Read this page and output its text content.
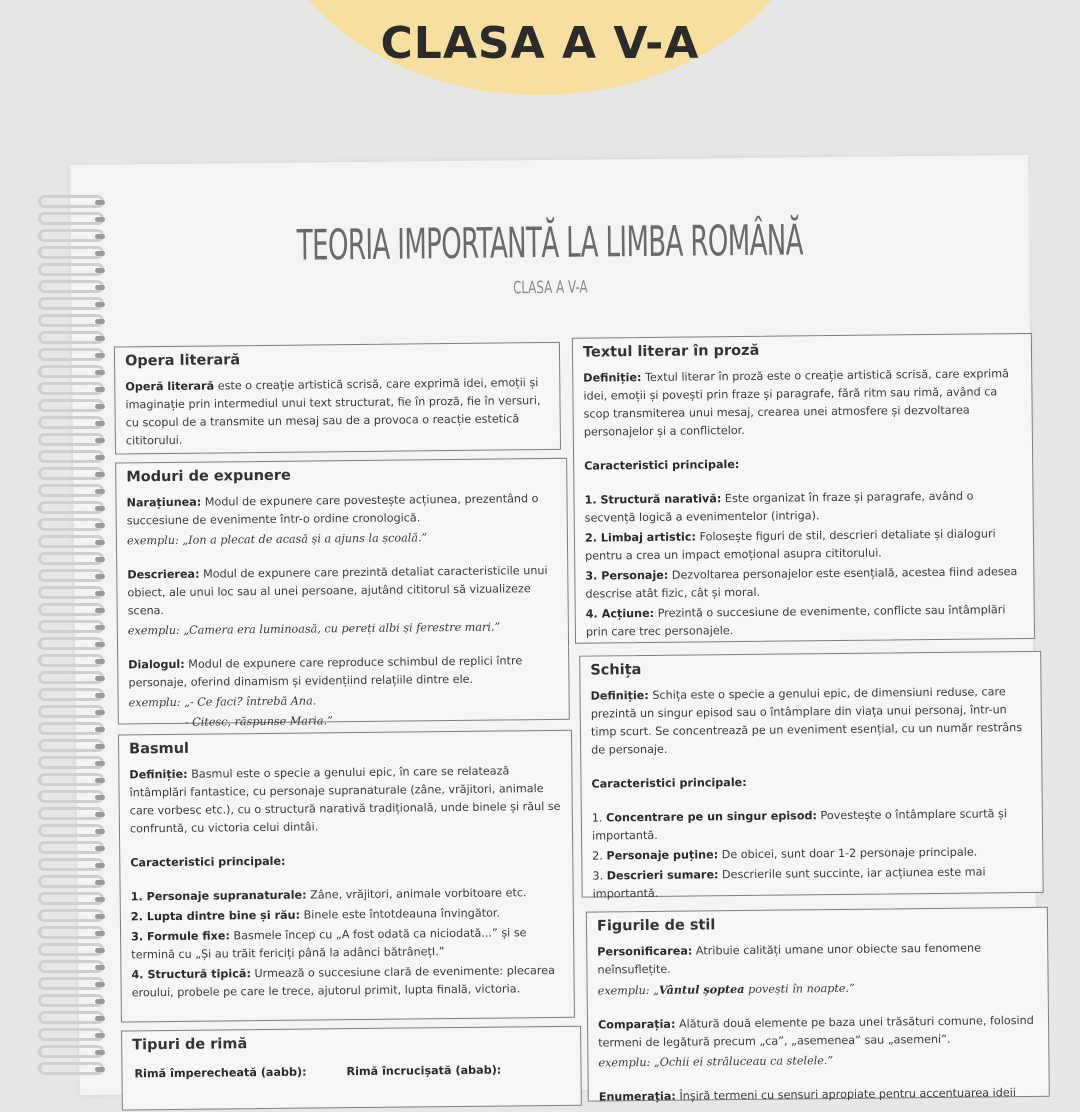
CLASA A V-A
TEORIA IMPORTANTĂ LA LIMBA ROMÂNĂ
CLASA A V-A
Opera literară

Operă literară este o creație artistică scrisă, care exprimă idei, emoții și imaginație prin intermediul unui text structurat, fie în proză, fie în versuri, cu scopul de a transmite un mesaj sau de a provoca o reacție estetică cititorului.

Moduri de expunere

Narațiunea: Modul de expunere care povestește acțiunea, prezentând o succesiune de evenimente într-o ordine cronologică.

exemplu: „Ion a plecat de acasă și a ajuns la școală.”

Descrierea: Modul de expunere care prezintă detaliat caracteristicile unui obiect, ale unui loc sau al unei persoane, ajutând cititorul să vizualizeze scena.

exemplu: „Camera era luminoasă, cu pereți albi și ferestre mari.”

Dialogul: Modul de expunere care reproduce schimbul de replici între personaje, oferind dinamism și evidențiind relațiile dintre ele.

exemplu: „- Ce faci? întrebă Ana.

- Citesc, răspunse Maria.”

Basmul

Definiție: Basmul este o specie a genului epic, în care se relatează întâmplări fantastice, cu personaje supranaturale (zâne, vrăjitori, animale care vorbesc etc.), cu o structură narativă tradițională, unde binele și răul se confruntă, cu victoria celui dintâi.

Caracteristici principale:

1. Personaje supranaturale: Zâne, vrăjitori, animale vorbitoare etc.

2. Lupta dintre bine și rău: Binele este întotdeauna învingător.

3. Formule fixe: Basmele încep cu „A fost odată ca niciodată...” și se termină cu „Și au trăit fericiți până la adânci bătrânețI.”

4. Structură tipică: Urmează o succesiune clară de evenimente: plecarea eroului, probele pe care le trece, ajutorul primit, lupta finală, victoria.

Tipuri de rimă

Rimă împerecheată (aabb):	Rimă încrucișată (abab):

Textul literar în proză

Definiție: Textul literar în proză este o creație artistică scrisă, care exprimă idei, emoții și povești prin fraze și paragrafe, fără ritm sau rimă, având ca scop transmiterea unui mesaj, crearea unei atmosfere și dezvoltarea personajelor și a conflictelor.

Caracteristici principale:

1. Structură narativă: Este organizat în fraze și paragrafe, având o secvență logică a evenimentelor (intriga).

2. Limbaj artistic: Folosește figuri de stil, descrieri detaliate și dialoguri pentru a crea un impact emoțional asupra cititorului.

3. Personaje: Dezvoltarea personajelor este esențială, acestea fiind adesea descrise atât fizic, cât și moral.

4. Acțiune: Prezintă o succesiune de evenimente, conflicte sau întâmplări prin care trec personajele.

Schița

Definiție: Schița este o specie a genului epic, de dimensiuni reduse, care prezintă un singur episod sau o întâmplare din viața unui personaj, într-un timp scurt. Se concentrează pe un eveniment esențial, cu un număr restrâns de personaje.

Caracteristici principale:

1. Concentrare pe un singur episod: Povestește o întâmplare scurtă și importantă.

2. Personaje puține: De obicei, sunt doar 1-2 personaje principale.

3. Descrieri sumare: Descrierile sunt succinte, iar acțiunea este mai importantă.

Figurile de stil

Personificarea: Atribuie calități umane unor obiecte sau fenomene neînsuflețite.

exemplu: „Vântul șoptea povești în noapte.”

Comparația: Alătură două elemente pe baza unei trăsături comune, folosind termeni de legătură precum „ca”, „asemenea” sau „asemeni”.

exemplu: „Ochii ei străluceau ca stelele.”

Enumerația: Înșiră termeni cu sensuri apropiate pentru accentuarea ideii
